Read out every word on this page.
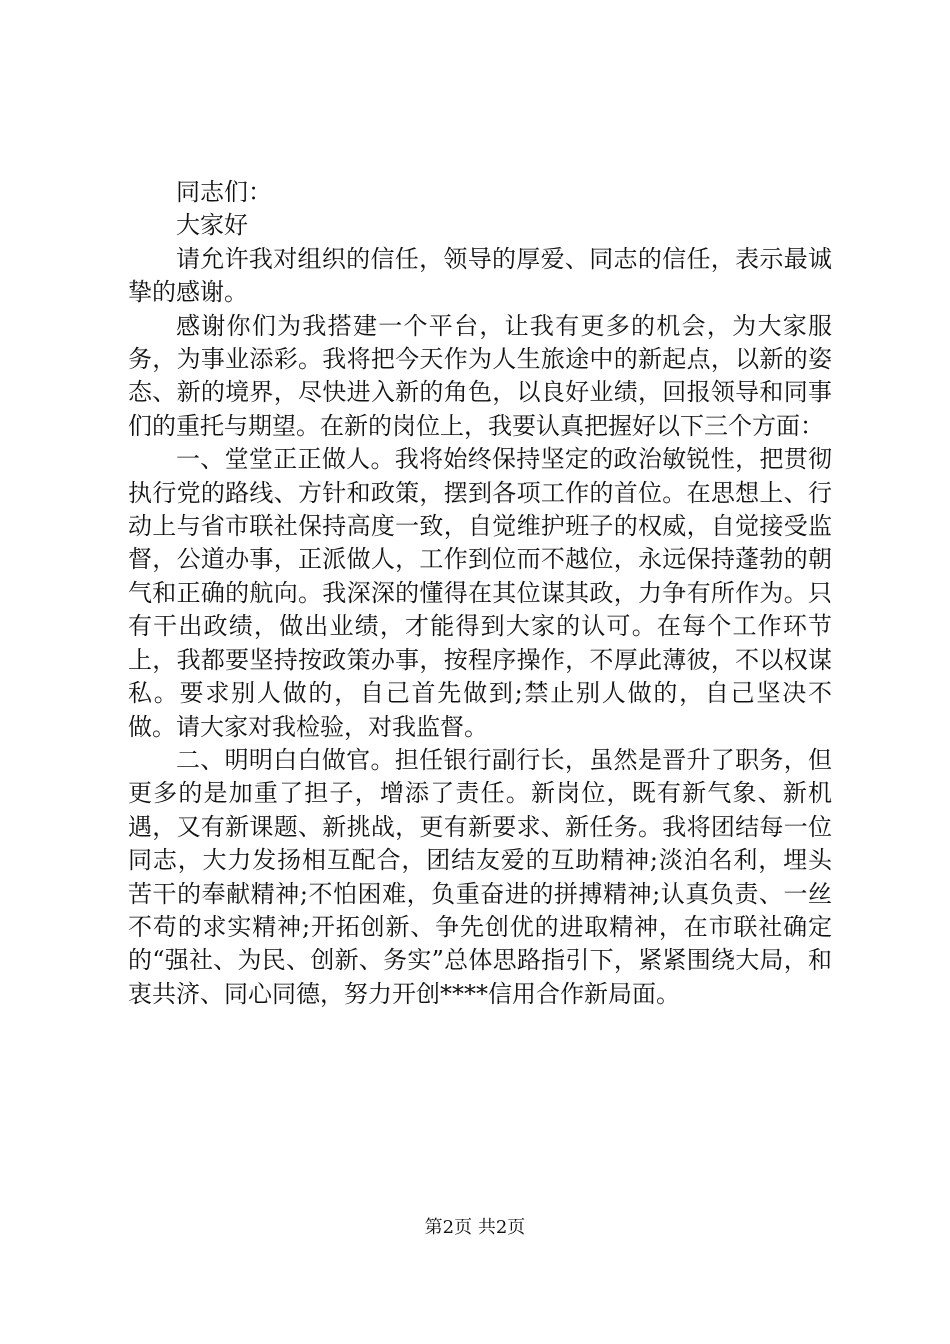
同志们：

大家好

请允许我对组织的信任，领导的厚爱、同志的信任，表示最诚挚的感谢。

感谢你们为我搭建一个平台，让我有更多的机会，为大家服务，为事业添彩。我将把今天作为人生旅途中的新起点，以新的姿态、新的境界，尽快进入新的角色，以良好业绩，回报领导和同事们的重托与期望。在新的岗位上，我要认真把握好以下三个方面：

一、堂堂正正做人。我将始终保持坚定的政治敏锐性，把贯彻执行党的路线、方针和政策，摆到各项工作的首位。在思想上、行动上与省市联社保持高度一致，自觉维护班子的权威，自觉接受监督，公道办事，正派做人，工作到位而不越位，永远保持蓬勃的朝气和正确的航向。我深深的懂得在其位谋其政，力争有所作为。只有干出政绩，做出业绩，才能得到大家的认可。在每个工作环节上，我都要坚持按政策办事，按程序操作，不厚此薄彼，不以权谋私。要求别人做的，自己首先做到;禁止别人做的，自己坚决不做。请大家对我检验，对我监督。

二、明明白白做官。担任银行副行长，虽然是晋升了职务，但更多的是加重了担子，增添了责任。新岗位，既有新气象、新机遇，又有新课题、新挑战，更有新要求、新任务。我将团结每一位同志，大力发扬相互配合，团结友爱的互助精神;淡泊名利，埋头苦干的奉献精神;不怕困难，负重奋进的拼搏精神;认真负责、一丝不苟的求实精神;开拓创新、争先创优的进取精神，在市联社确定的“强社、为民、创新、务实”总体思路指引下，紧紧围绕大局，和衷共济、同心同德，努力开创****信用合作新局面。

第2页 共2页
